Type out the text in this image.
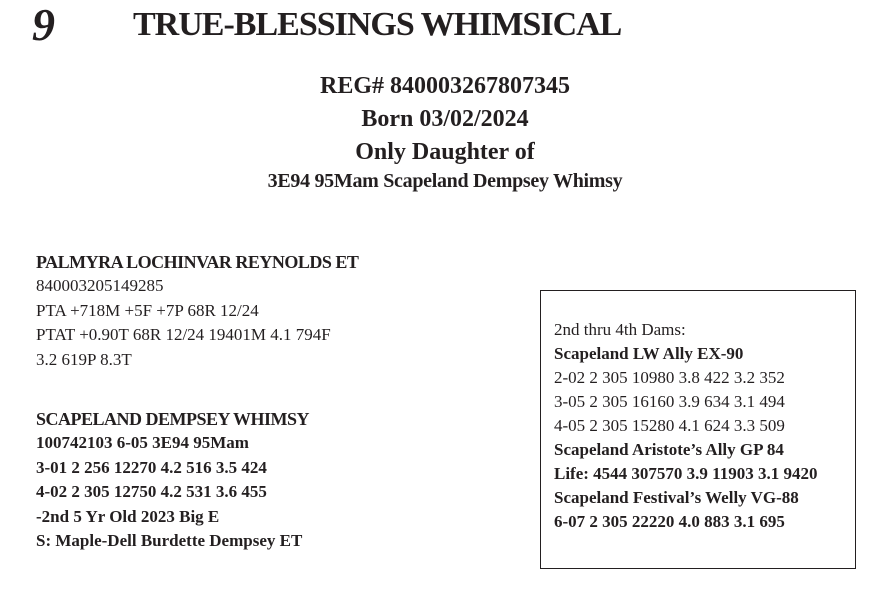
9 TRUE-BLESSINGS WHIMSICAL
REG# 840003267807345
Born 03/02/2024
Only Daughter of
3E94 95Mam Scapeland Dempsey Whimsy
PALMYRA LOCHINVAR REYNOLDS ET
840003205149285
PTA +718M +5F +7P 68R 12/24
PTAT +0.90T 68R 12/24 19401M 4.1 794F
3.2 619P 8.3T
SCAPELAND DEMPSEY WHIMSY
100742103 6-05 3E94 95Mam
3-01 2 256 12270 4.2 516 3.5 424
4-02 2 305 12750 4.2 531 3.6 455
-2nd 5 Yr Old 2023 Big E
S: Maple-Dell Burdette Dempsey ET
2nd thru 4th Dams:
Scapeland LW Ally EX-90
2-02 2 305 10980 3.8 422 3.2 352
3-05 2 305 16160 3.9 634 3.1 494
4-05 2 305 15280 4.1 624 3.3 509
Scapeland Aristote’s Ally GP 84
Life: 4544 307570 3.9 11903 3.1 9420
Scapeland Festival’s Welly VG-88
6-07 2 305 22220 4.0 883 3.1 695
